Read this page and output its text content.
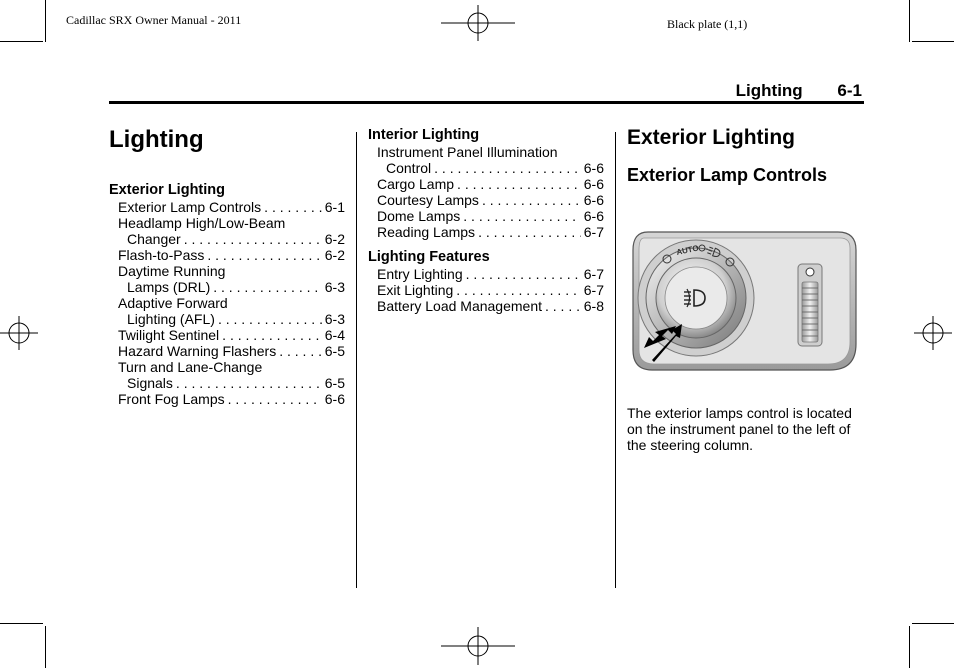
Cadillac SRX Owner Manual - 2011	Black plate (1,1)
Lighting 6-1
Lighting
Exterior Lighting
Exterior Lamp Controls . . .	6-1
Headlamp High/Low-Beam
Changer . . .	6-2
Flash-to-Pass . . .	6-2
Daytime Running
Lamps (DRL) . . .	6-3
Adaptive Forward
Lighting (AFL) . . .	6-3
Twilight Sentinel . . .	6-4
Hazard Warning Flashers . . .	6-5
Turn and Lane-Change
Signals . . .	6-5
Front Fog Lamps . . .	6-6
Interior Lighting
Instrument Panel Illumination
Control . . .	6-6
Cargo Lamp . . .	6-6
Courtesy Lamps . . .	6-6
Dome Lamps . . .	6-6
Reading Lamps . . .	6-7
Lighting Features
Entry Lighting . . .	6-7
Exit Lighting . . .	6-7
Battery Load Management . . .	6-8
Exterior Lighting
Exterior Lamp Controls
AUTO
The exterior lamps control is located on the instrument panel to the left of the steering column.
